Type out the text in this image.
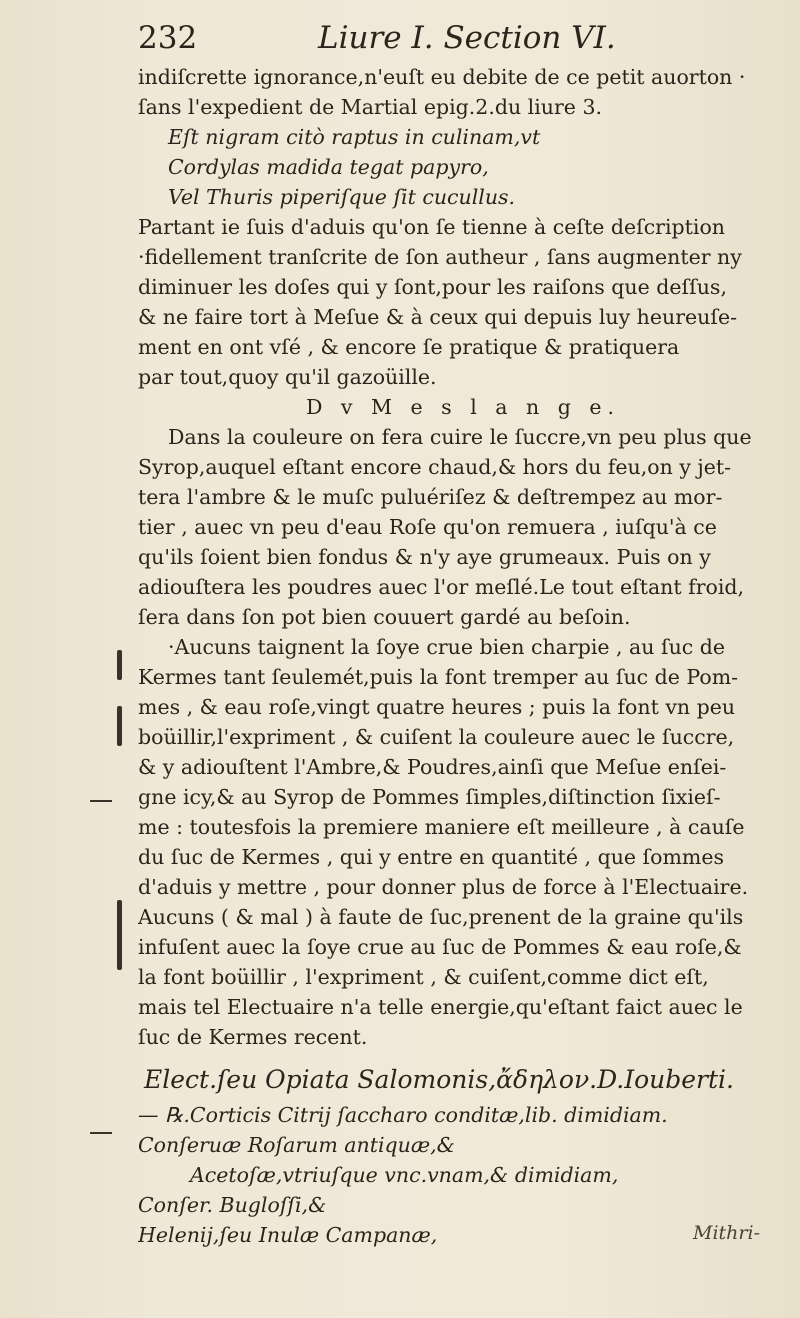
232	Liure I. Section VI.
indiſcrette ignorance,n'euſt eu debite de ce petit auorton ·
ſans l'expedient de Martial epig.2.du liure 3.
Eſt nigram citò raptus in culinam,vt
Cordylas madida tegat papyro,
Vel Thuris piperiſque ſit cucullus.
Partant ie ſuis d'aduis qu'on ſe tienne à ceſte deſcription
·fidellement tranſcrite de ſon autheur , ſans augmenter ny
diminuer les doſes qui y ſont,pour les raiſons que deſſus,
& ne faire tort à Meſue & à ceux qui depuis luy heureuſe-
ment en ont vſé , & encore ſe pratique & pratiquera
par tout,quoy qu'il gazoüille.
D v M e s l a n g e.
Dans la couleure on fera cuire le ſuccre,vn peu plus que
Syrop,auquel eſtant encore chaud,& hors du feu,on y jet-
tera l'ambre & le muſc puluériſez & deſtrempez au mor-
tier , auec vn peu d'eau Roſe qu'on remuera , iuſqu'à ce
qu'ils ſoient bien fondus & n'y aye grumeaux. Puis on y
adiouſtera les poudres auec l'or meſlé.Le tout eſtant froid,
ſera dans ſon pot bien couuert gardé au beſoin.
·Aucuns taignent la ſoye crue bien charpie , au ſuc de
Kermes tant ſeulemét,puis la font tremper au ſuc de Pom-
mes , & eau roſe,vingt quatre heures ; puis la font vn peu
boüillir,l'expriment , & cuiſent la couleure auec le ſuccre,
& y adiouſtent l'Ambre,& Poudres,ainſi que Meſue enſei-
gne icy,& au Syrop de Pommes ſimples,diſtinction ſixieſ-
me : toutesfois la premiere maniere eſt meilleure , à cauſe
du ſuc de Kermes , qui y entre en quantité , que ſommes
d'aduis y mettre , pour donner plus de force à l'Electuaire.
Aucuns ( & mal ) à faute de ſuc,prenent de la graine qu'ils
infuſent auec la ſoye crue au ſuc de Pommes & eau roſe,&
la font boüillir , l'expriment , & cuiſent,comme dict eſt,
mais tel Electuaire n'a telle energie,qu'eſtant faict auec le
ſuc de Kermes recent.
Elect.ſeu Opiata Salomonis,ἄδηλον.D.Iouberti.
— ℞.Corticis Citrij ſaccharo conditæ,lib. dimidiam.
Conſeruæ Roſarum antiquæ,&
Acetoſæ,vtriuſque vnc.vnam,& dimidiam,
Conſer. Bugloſſi,&
Helenij,ſeu Inulæ Campanæ,	Mithri-
